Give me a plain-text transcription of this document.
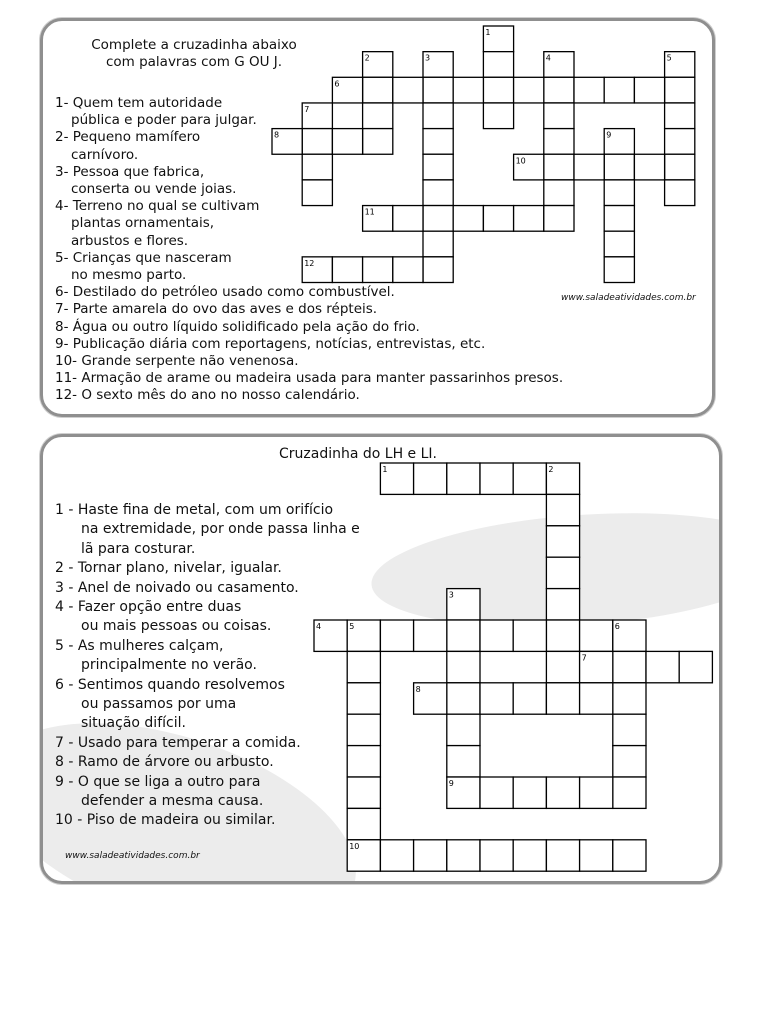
Complete a cruzadinha abaixo
com palavras com G OU J.
1- Quem tem autoridade
pública e poder para julgar.
2- Pequeno mamífero
carnívoro.
3- Pessoa que fabrica,
conserta ou vende joias.
4- Terreno no qual se cultivam
plantas ornamentais,
arbustos e flores.
5- Crianças que nasceram
no mesmo parto.
6- Destilado do petróleo usado como combustível.
7- Parte amarela do ovo das aves e dos répteis.
8- Água ou outro líquido solidificado pela ação do frio.
9- Publicação diária com reportagens, notícias, entrevistas, etc.
10- Grande serpente não venenosa.
11- Armação de arame ou madeira usada para manter passarinhos presos.
12- O sexto mês do ano no nosso calendário.
www.saladeatividades.com.br
1
2	3	4	5
6
7
8	9
10
11
12
Cruzadinha do LH e LI.
1 - Haste fina de metal, com um orifício
na extremidade, por onde passa linha e
lã para costurar.
2 - Tornar plano, nivelar, igualar.
3 - Anel de noivado ou casamento.
4 - Fazer opção entre duas
ou mais pessoas ou coisas.
5 - As mulheres calçam,
principalmente no verão.
6 - Sentimos quando resolvemos
ou passamos por uma
situação difícil.
7 - Usado para temperar a comida.
8 - Ramo de árvore ou arbusto.
9 - O que se liga a outro para
defender a mesma causa.
10 - Piso de madeira ou similar.
www.saladeatividades.com.br
1	2
3
4	5	6
7
8
9
10
